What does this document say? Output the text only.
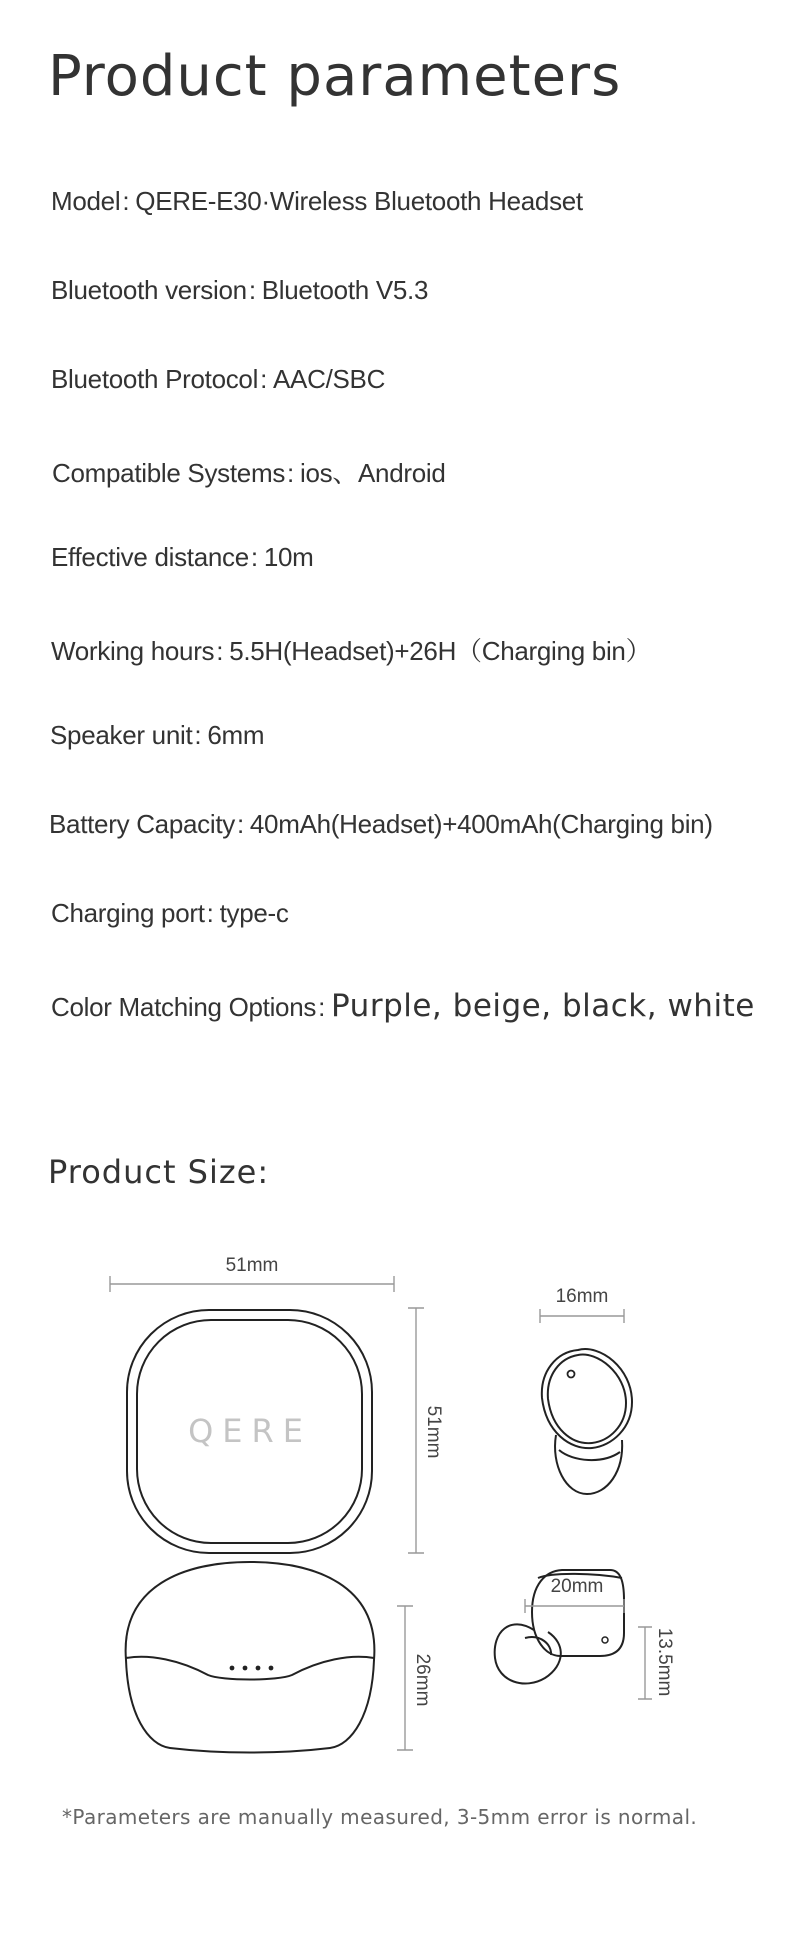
Product parameters
Model: QERE-E30·Wireless Bluetooth Headset
Bluetooth version: Bluetooth V5.3
Bluetooth Protocol: AAC/SBC
Compatible Systems: ios、Android
Effective distance: 10m
Working hours: 5.5H(Headset)+26H（Charging bin）
Speaker unit: 6mm
Battery Capacity: 40mAh(Headset)+400mAh(Charging bin)
Charging port: type-c
Color Matching Options: Purple, beige, black, white
Product Size:
QERE
51mm
51mm
26mm
16mm
20mm
13.5mm
*Parameters are manually measured, 3-5mm error is normal.
